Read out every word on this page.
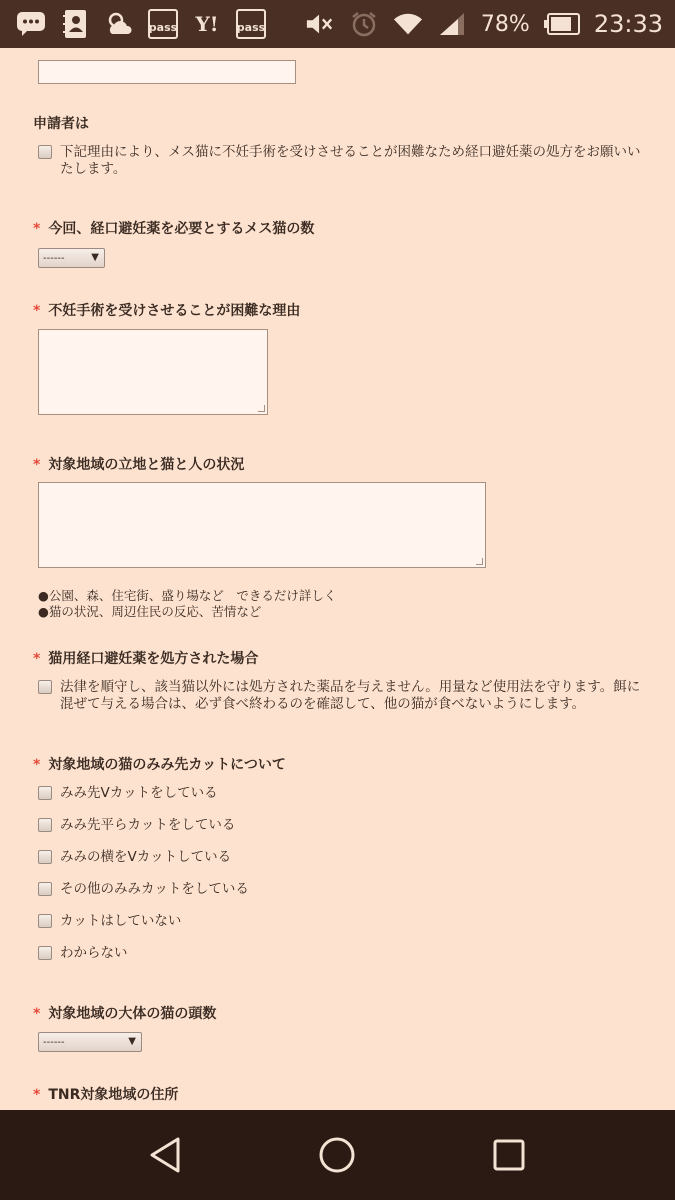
pass Y! pass	78%	23:33
申請者は
下記理由により、メス猫に不妊手術を受けさせることが困難なため経口避妊薬の処方をお願いいたします。
* 今回、経口避妊薬を必要とするメス猫の数
------	▼
* 不妊手術を受けさせることが困難な理由
* 対象地域の立地と猫と人の状況
●公園、森、住宅街、盛り場など　できるだけ詳しく
●猫の状況、周辺住民の反応、苦情など
* 猫用経口避妊薬を処方された場合
法律を順守し、該当猫以外には処方された薬品を与えません。用量など使用法を守ります。餌に混ぜて与える場合は、必ず食べ終わるのを確認して、他の猫が食べないようにします。
* 対象地域の猫のみみ先カットについて
みみ先Vカットをしている
みみ先平らカットをしている
みみの横をVカットしている
その他のみみカットをしている
カットはしていない
わからない
* 対象地域の大体の猫の頭数
------	▼
* TNR対象地域の住所
